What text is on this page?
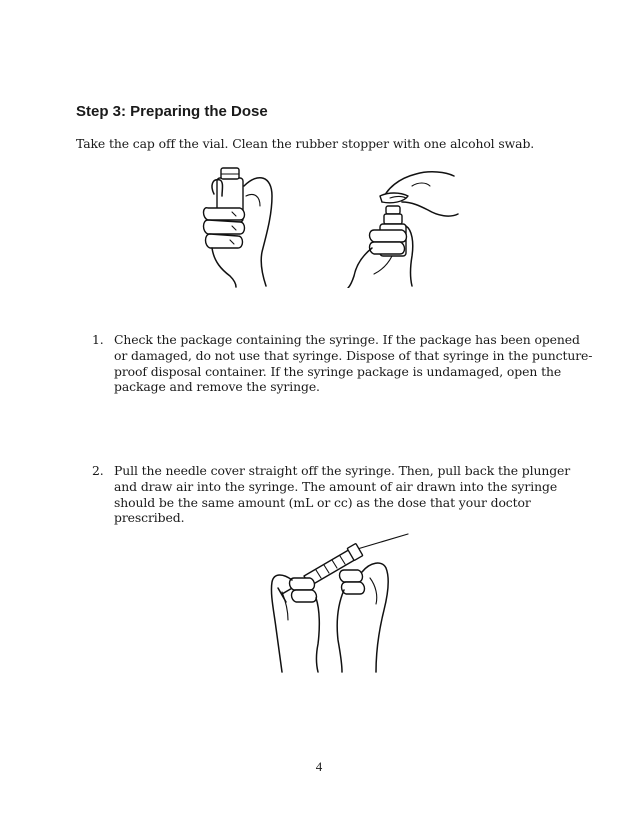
Step 3: Preparing the Dose

Take the cap off the vial. Clean the rubber stopper with one alcohol swab.

1. Check the package containing the syringe. If the package has been opened or damaged, do not use that syringe. Dispose of that syringe in the puncture-proof disposal container. If the syringe package is undamaged, open the package and remove the syringe.
2. Pull the needle cover straight off the syringe. Then, pull back the plunger and draw air into the syringe. The amount of air drawn into the syringe should be the same amount (mL or cc) as the dose that your doctor prescribed.
4
